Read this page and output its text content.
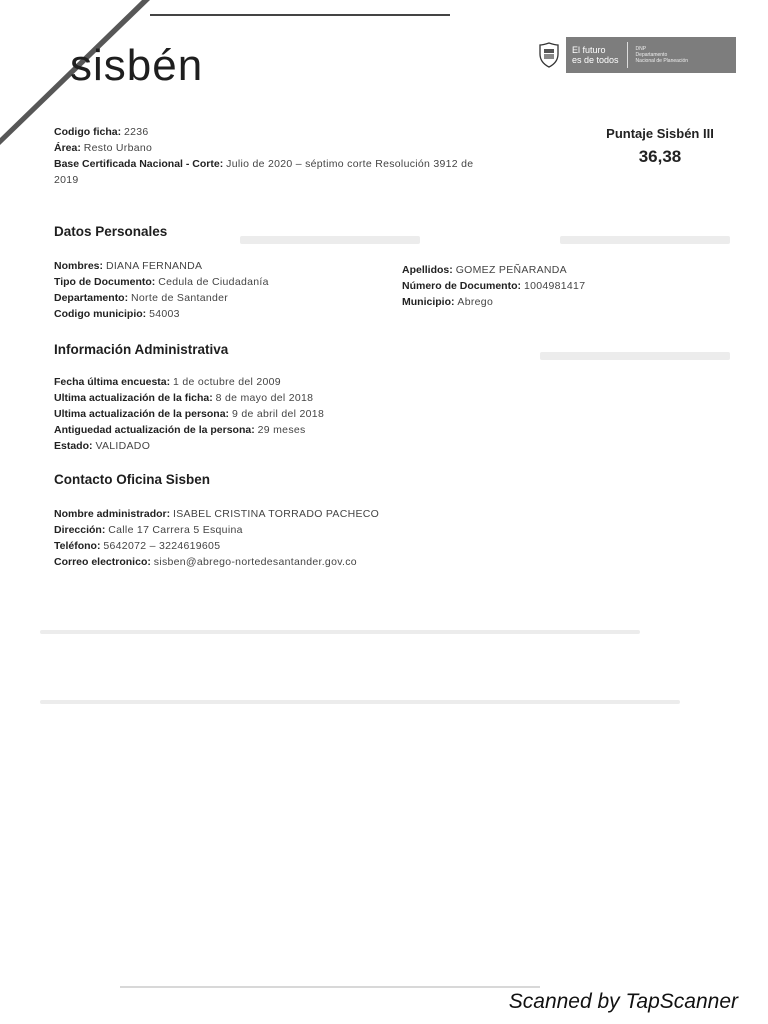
sisbén	El futuro
es de todos
DNP
Departamento
Nacional de Planeación
Puntaje Sisbén III
36,38
Codigo ficha: 2236
Área: Resto Urbano
Base Certificada Nacional - Corte: Julio de 2020 – séptimo corte Resolución 3912 de
2019
Datos Personales
Nombres: DIANA FERNANDA
Tipo de Documento: Cedula de Ciudadanía
Departamento: Norte de Santander
Codigo municipio: 54003
Apellidos: GOMEZ PEÑARANDA
Número de Documento: 1004981417
Municipio: Abrego
Información Administrativa
Fecha última encuesta: 1 de octubre del 2009
Ultima actualización de la ficha: 8 de mayo del 2018
Ultima actualización de la persona: 9 de abril del 2018
Antiguedad actualización de la persona: 29 meses
Estado: VALIDADO
Contacto Oficina Sisben
Nombre administrador: ISABEL CRISTINA TORRADO PACHECO
Dirección: Calle 17 Carrera 5 Esquina
Teléfono: 5642072 – 3224619605
Correo electronico: sisben@abrego-nortedesantander.gov.co
Scanned by TapScanner
